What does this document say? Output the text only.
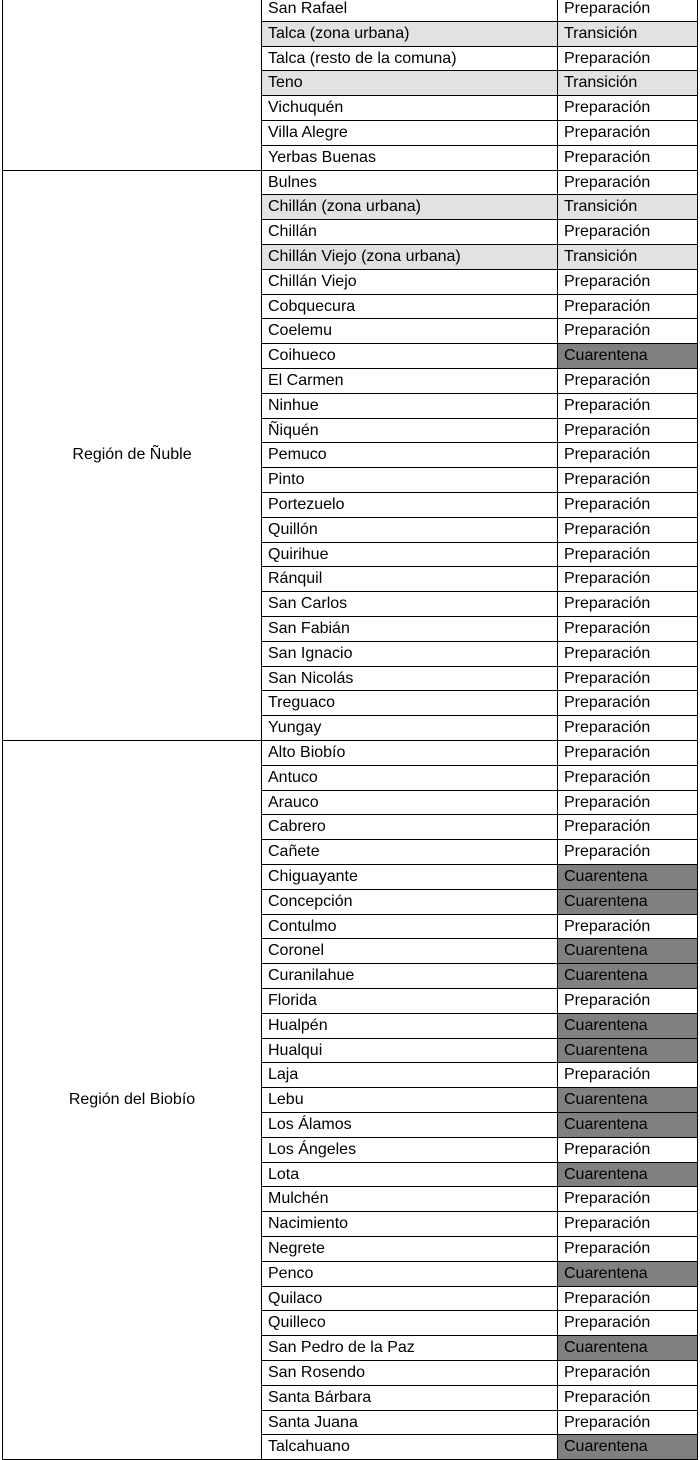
San Rafael	Preparación
Talca (zona urbana)	Transición
Talca (resto de la comuna)	Preparación
Teno	Transición
Vichuquén	Preparación
Villa Alegre	Preparación
Yerbas Buenas	Preparación
Región de Ñuble
Bulnes	Preparación
Chillán (zona urbana)	Transición
Chillán	Preparación
Chillán Viejo (zona urbana)	Transición
Chillán Viejo	Preparación
Cobquecura	Preparación
Coelemu	Preparación
Coihueco	Cuarentena
El Carmen	Preparación
Ninhue	Preparación
Ñiquén	Preparación
Pemuco	Preparación
Pinto	Preparación
Portezuelo	Preparación
Quillón	Preparación
Quirihue	Preparación
Ránquil	Preparación
San Carlos	Preparación
San Fabián	Preparación
San Ignacio	Preparación
San Nicolás	Preparación
Treguaco	Preparación
Yungay	Preparación
Región del Biobío
Alto Biobío	Preparación
Antuco	Preparación
Arauco	Preparación
Cabrero	Preparación
Cañete	Preparación
Chiguayante	Cuarentena
Concepción	Cuarentena
Contulmo	Preparación
Coronel	Cuarentena
Curanilahue	Cuarentena
Florida	Preparación
Hualpén	Cuarentena
Hualqui	Cuarentena
Laja	Preparación
Lebu	Cuarentena
Los Álamos	Cuarentena
Los Ángeles	Preparación
Lota	Cuarentena
Mulchén	Preparación
Nacimiento	Preparación
Negrete	Preparación
Penco	Cuarentena
Quilaco	Preparación
Quilleco	Preparación
San Pedro de la Paz	Cuarentena
San Rosendo	Preparación
Santa Bárbara	Preparación
Santa Juana	Preparación
Talcahuano	Cuarentena
